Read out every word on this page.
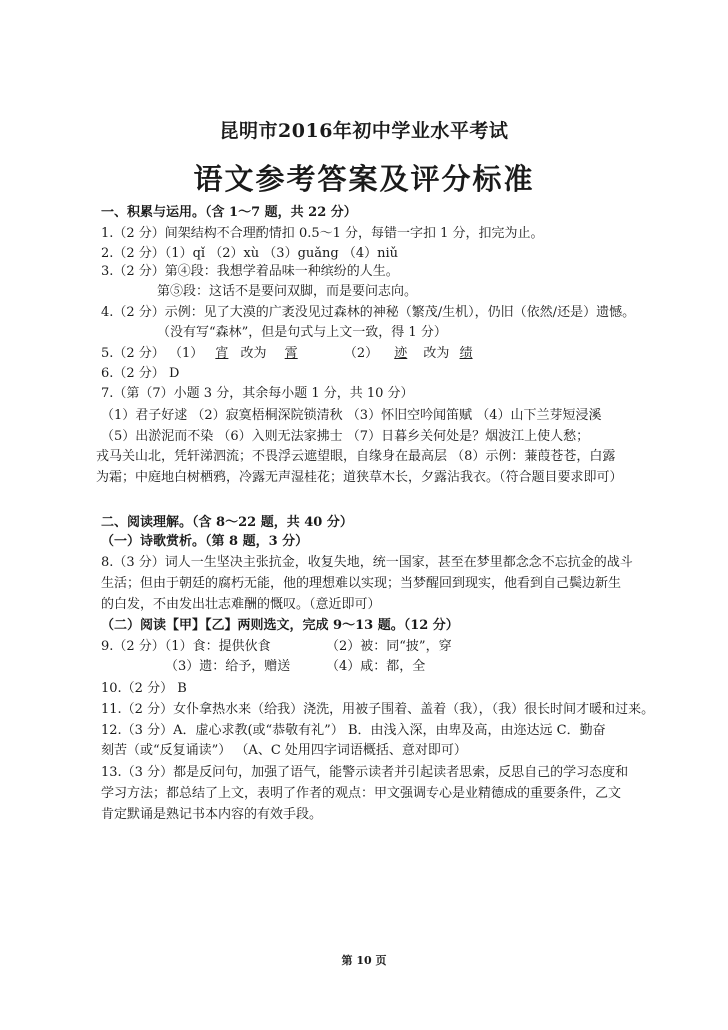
昆明市2016年初中学业水平考试
语文参考答案及评分标准
一、积累与运用。（含 1～7 题，共 22 分）
1.（2 分）间架结构不合理酌情扣 0.5～1 分，每错一字扣 1 分，扣完为止。
2.（2 分）（1）qǐ （2）xù （3）guǎng （4）niǔ
3.（2 分）第④段：我想学着品味一种缤纷的人生。
第⑤段：这话不是要问双脚，而是要问志向。
4.（2 分）示例：见了大漠的广袤没见过森林的神秘（繁茂/生机），仍旧（依然/还是）遗憾。
（没有写“森林”，但是句式与上文一致，得 1 分）
5.（2 分） （1） 宵 改为 霄	（2） 迹 改为 绩
6.（2 分） D
7.（第（7）小题 3 分，其余每小题 1 分，共 10 分）
（1）君子好逑 （2）寂寞梧桐深院锁清秋 （3）怀旧空吟闻笛赋 （4）山下兰芽短浸溪
（5）出淤泥而不染 （6）入则无法家拂士 （7）日暮乡关何处是？烟波江上使人愁；
戎马关山北，凭轩涕泗流；不畏浮云遮望眼，自缘身在最高层 （8）示例：蒹葭苍苍，白露
为霜；中庭地白树栖鸦，冷露无声湿桂花；道狭草木长，夕露沾我衣。（符合题目要求即可）
二、阅读理解。（含 8～22 题，共 40 分）
（一）诗歌赏析。（第 8 题，3 分）
8.（3 分）词人一生坚决主张抗金，收复失地，统一国家，甚至在梦里都念念不忘抗金的战斗
生活；但由于朝廷的腐朽无能，他的理想难以实现；当梦醒回到现实，他看到自己鬓边新生
的白发，不由发出壮志难酬的慨叹。（意近即可）
（二）阅读【甲】【乙】两则选文，完成 9～13 题。（12 分）
9.（2 分）（1）食：提供伙食	（2）被：同“披”，穿
（3）遗：给予，赠送	（4）咸：都，全
10.（2 分） B
11.（2 分）女仆拿热水来（给我）浇洗，用被子围着、盖着（我），（我）很长时间才暖和过来。
12.（3 分）A．虚心求教(或“恭敬有礼”） B．由浅入深，由卑及高，由迩达远 C．勤奋
刻苦（或“反复诵读”） （A、C 处用四字词语概括、意对即可）
13.（3 分）都是反问句，加强了语气，能警示读者并引起读者思索，反思自己的学习态度和
学习方法；都总结了上文，表明了作者的观点：甲文强调专心是业精德成的重要条件，乙文
肯定默诵是熟记书本内容的有效手段。
第 10 页
